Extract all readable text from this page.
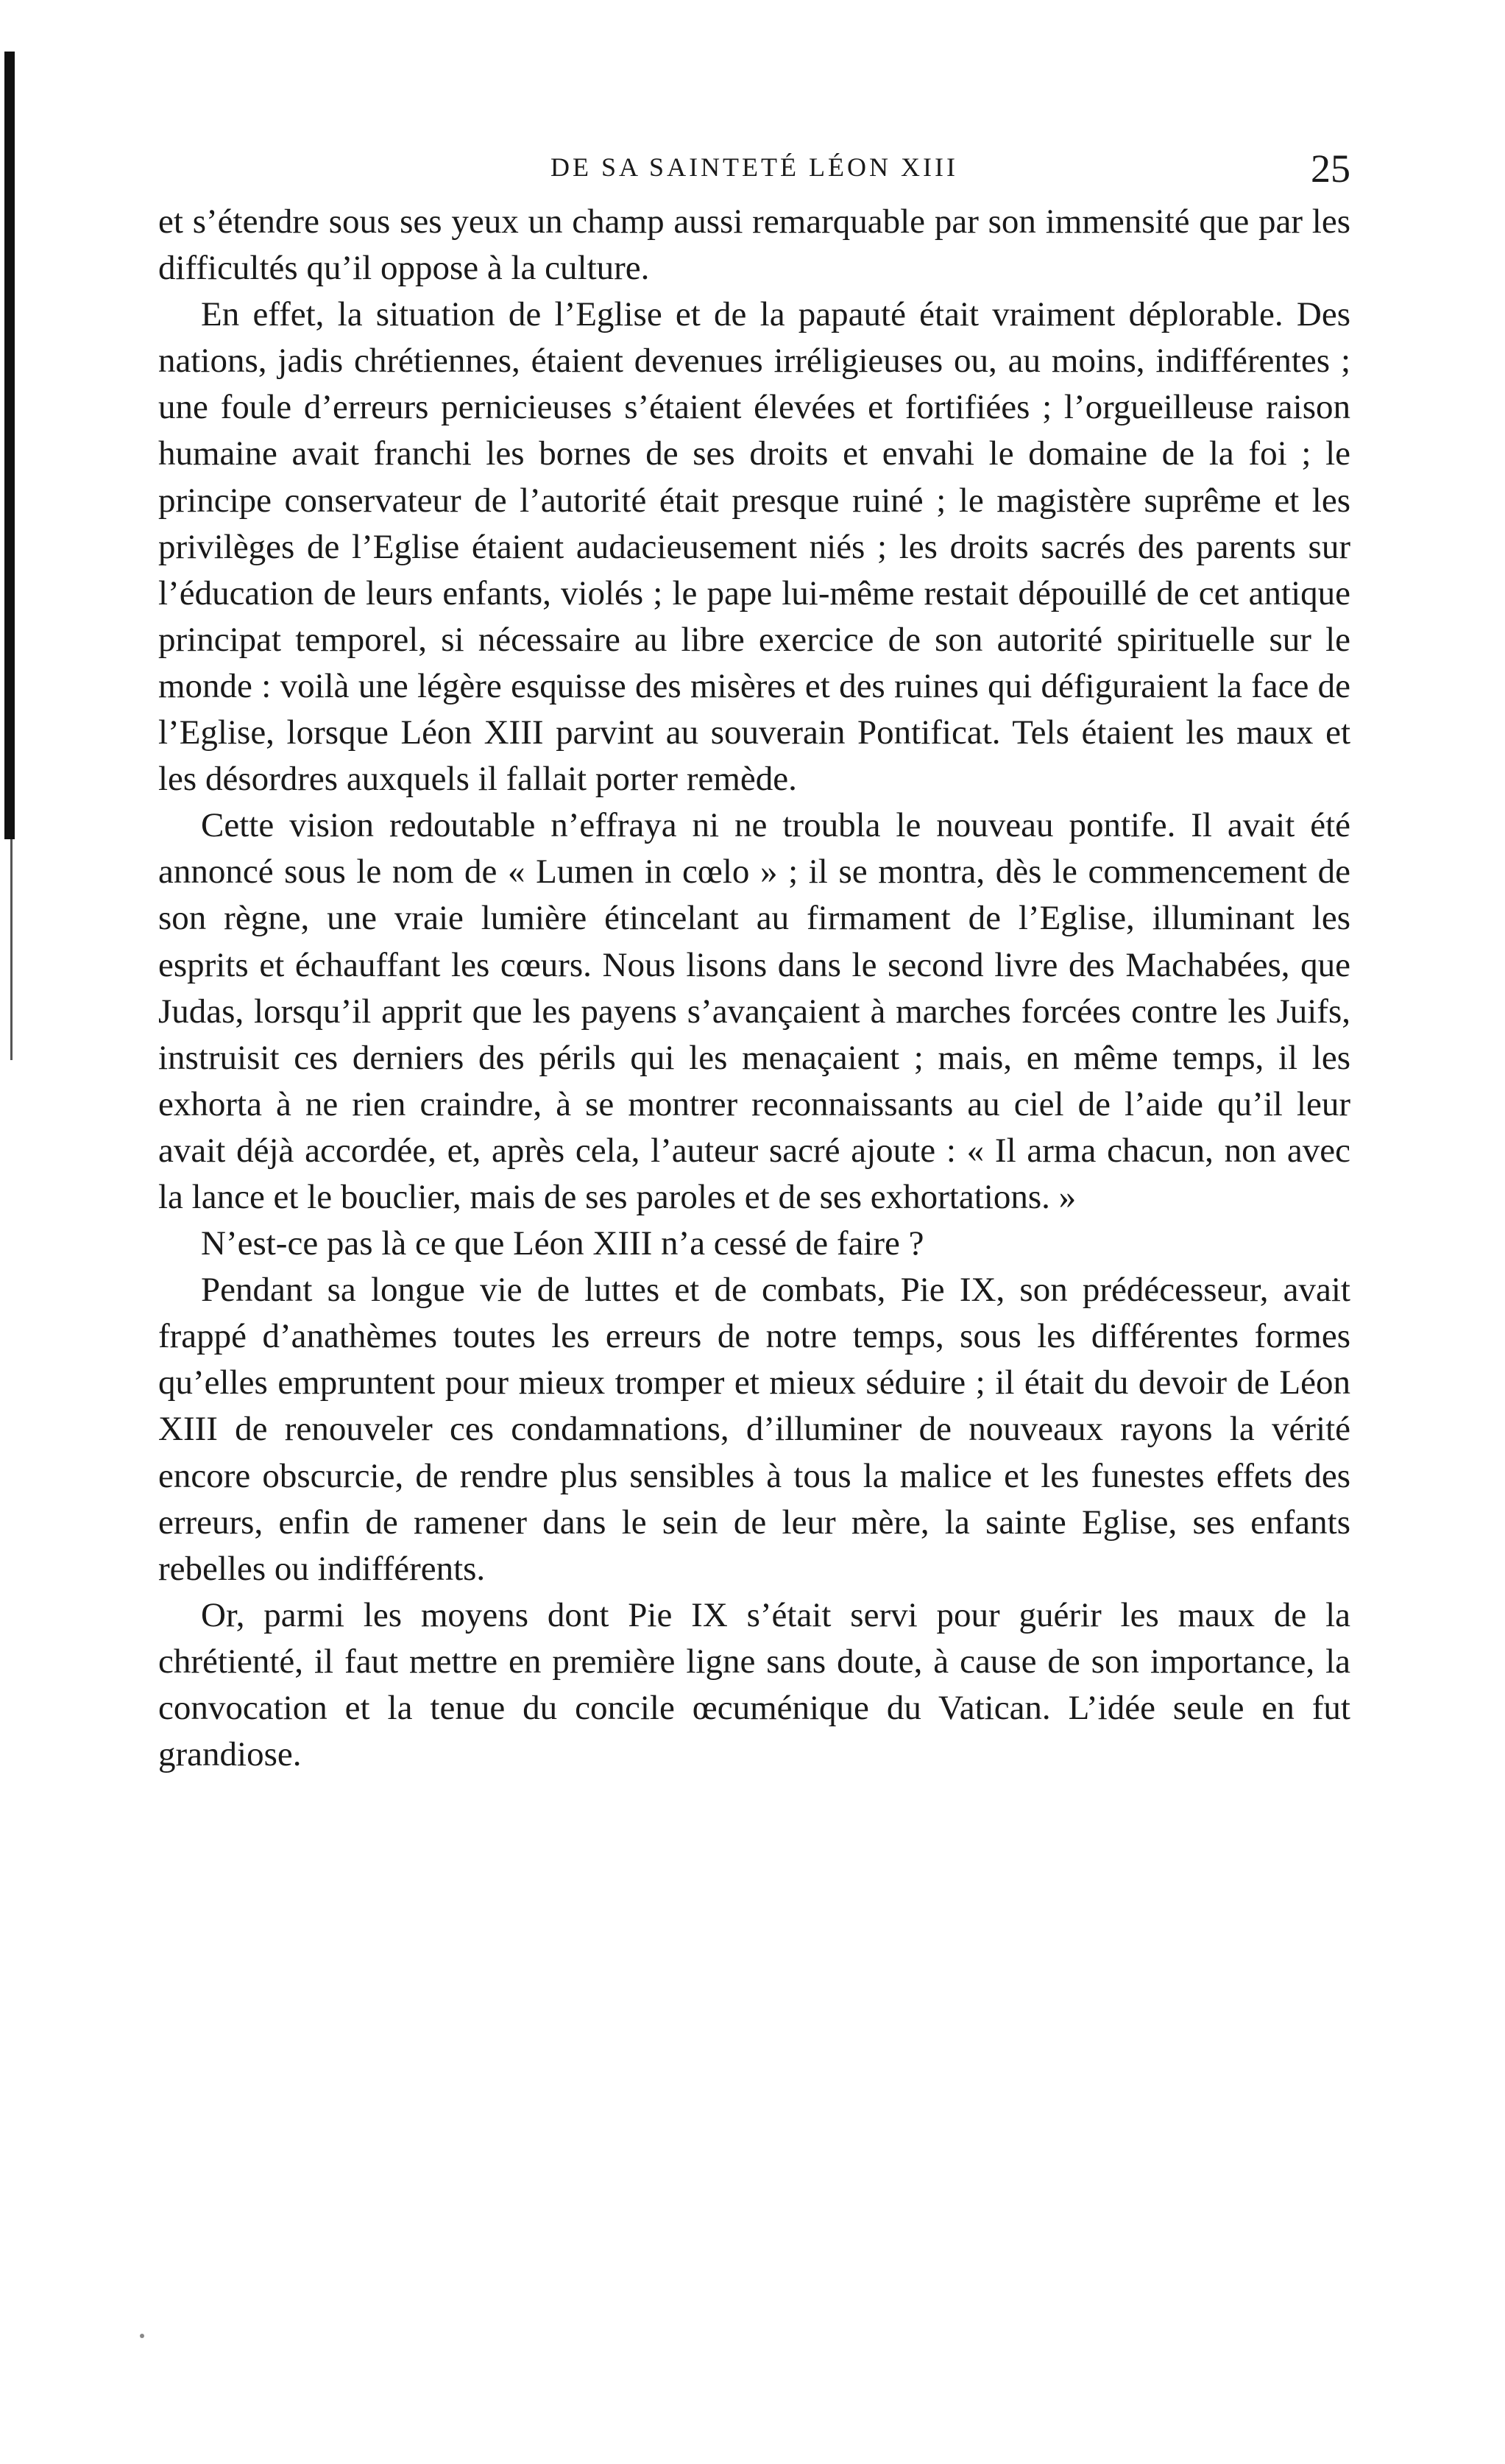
DE SA SAINTETÉ LÉON XIII	25

et s’étendre sous ses yeux un champ aussi remarquable par son immensité que par les difficultés qu’il oppose à la culture.

En effet, la situation de l’Eglise et de la papauté était vraiment déplorable. Des nations, jadis chrétiennes, étaient devenues irréligieuses ou, au moins, indifférentes ; une foule d’erreurs pernicieuses s’étaient élevées et fortifiées ; l’orgueilleuse raison humaine avait franchi les bornes de ses droits et envahi le domaine de la foi ; le principe conservateur de l’autorité était presque ruiné ; le magistère suprême et les privilèges de l’Eglise étaient audacieusement niés ; les droits sacrés des parents sur l’éducation de leurs enfants, violés ; le pape lui-même restait dépouillé de cet antique principat temporel, si nécessaire au libre exercice de son autorité spirituelle sur le monde : voilà une légère esquisse des misères et des ruines qui défiguraient la face de l’Eglise, lorsque Léon XIII parvint au souverain Pontificat. Tels étaient les maux et les désordres auxquels il fallait porter remède.

Cette vision redoutable n’effraya ni ne troubla le nouveau pontife. Il avait été annoncé sous le nom de « Lumen in cœlo » ; il se montra, dès le commencement de son règne, une vraie lumière étincelant au firmament de l’Eglise, illuminant les esprits et échauffant les cœurs. Nous lisons dans le second livre des Machabées, que Judas, lorsqu’il apprit que les payens s’avançaient à marches forcées contre les Juifs, instruisit ces derniers des périls qui les menaçaient ; mais, en même temps, il les exhorta à ne rien craindre, à se montrer reconnaissants au ciel de l’aide qu’il leur avait déjà accordée, et, après cela, l’auteur sacré ajoute : « Il arma chacun, non avec la lance et le bouclier, mais de ses paroles et de ses exhortations. »

N’est-ce pas là ce que Léon XIII n’a cessé de faire ?

Pendant sa longue vie de luttes et de combats, Pie IX, son prédécesseur, avait frappé d’anathèmes toutes les erreurs de notre temps, sous les différentes formes qu’elles empruntent pour mieux tromper et mieux séduire ; il était du devoir de Léon XIII de renouveler ces condamnations, d’illuminer de nouveaux rayons la vérité encore obscurcie, de rendre plus sensibles à tous la malice et les funestes effets des erreurs, enfin de ramener dans le sein de leur mère, la sainte Eglise, ses enfants rebelles ou indifférents.

Or, parmi les moyens dont Pie IX s’était servi pour guérir les maux de la chrétienté, il faut mettre en première ligne sans doute, à cause de son importance, la convocation et la tenue du concile œcuménique du Vatican. L’idée seule en fut grandiose.
